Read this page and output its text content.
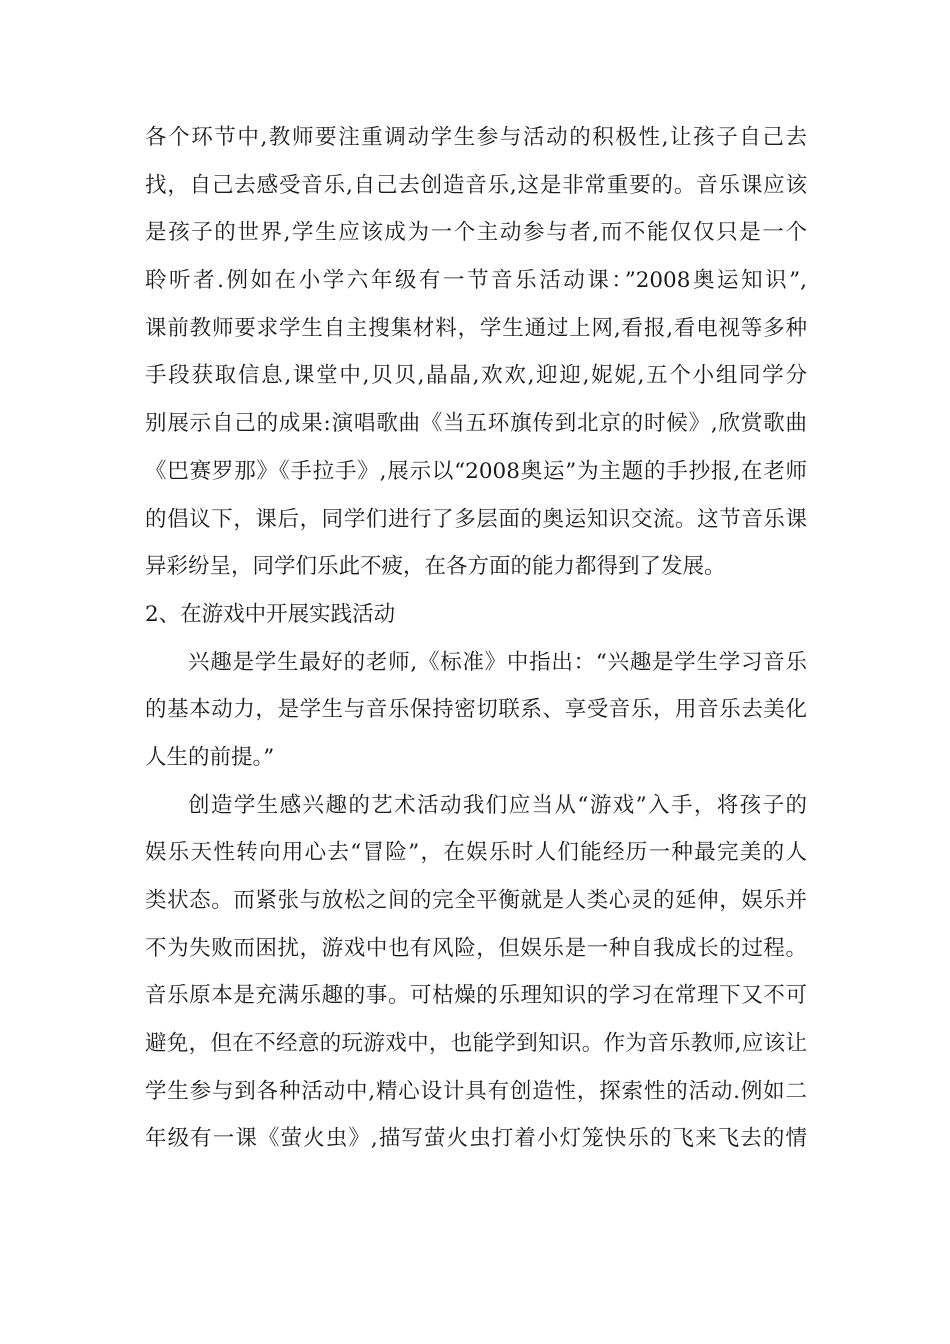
各个环节中,教师要注重调动学生参与活动的积极性,让孩子自己去
找，自己去感受音乐,自己去创造音乐,这是非常重要的。音乐课应该
是孩子的世界,学生应该成为一个主动参与者,而不能仅仅只是一个
聆听者.例如在小学六年级有一节音乐活动课：”2008奥运知识”,
课前教师要求学生自主搜集材料，学生通过上网,看报,看电视等多种
手段获取信息,课堂中,贝贝,晶晶,欢欢,迎迎,妮妮,五个小组同学分
别展示自己的成果:演唱歌曲《当五环旗传到北京的时候》,欣赏歌曲
《巴赛罗那》《手拉手》,展示以“2008奥运”为主题的手抄报,在老师
的倡议下，课后，同学们进行了多层面的奥运知识交流。这节音乐课
异彩纷呈，同学们乐此不疲，在各方面的能力都得到了发展。
2、在游戏中开展实践活动
兴趣是学生最好的老师,《标准》中指出：“兴趣是学生学习音乐
的基本动力，是学生与音乐保持密切联系、享受音乐，用音乐去美化
人生的前提。”
创造学生感兴趣的艺术活动我们应当从“游戏”入手，将孩子的
娱乐天性转向用心去“冒险”，在娱乐时人们能经历一种最完美的人
类状态。而紧张与放松之间的完全平衡就是人类心灵的延伸，娱乐并
不为失败而困扰，游戏中也有风险，但娱乐是一种自我成长的过程。
音乐原本是充满乐趣的事。可枯燥的乐理知识的学习在常理下又不可
避免，但在不经意的玩游戏中，也能学到知识。作为音乐教师,应该让
学生参与到各种活动中,精心设计具有创造性，探索性的活动.例如二
年级有一课《萤火虫》,描写萤火虫打着小灯笼快乐的飞来飞去的情
